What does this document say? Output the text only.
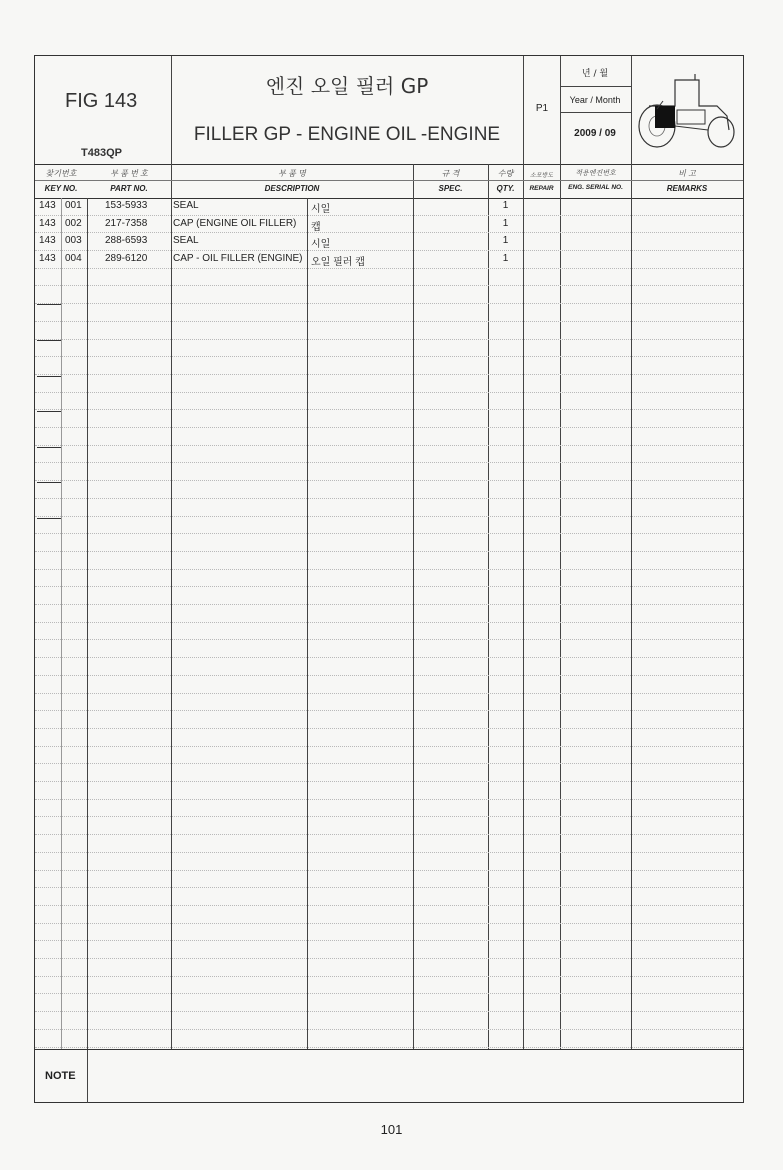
FIG 143
T483QP
엔진 오일 필러 GP
FILLER GP - ENGINE OIL -ENGINE
P1
년 / 월
Year / Month
2009 / 09
찾기번호
KEY NO.
부 품 번 호
PART NO.
부 품 명
DESCRIPTION
규 격
SPEC.
수량
QTY.
소모방도
REPAIR
적용엔진번호
ENG. SERIAL NO.
비 고
REMARKS
143 001 153-5933	SEAL	시일	1
143 002 217-7358	CAP (ENGINE OIL FILLER) 캡	1
143 003 288-6593	SEAL	시일	1
143 004 289-6120	CAP - OIL FILLER (ENGINE) 오일 필러 캡	1
NOTE
101
